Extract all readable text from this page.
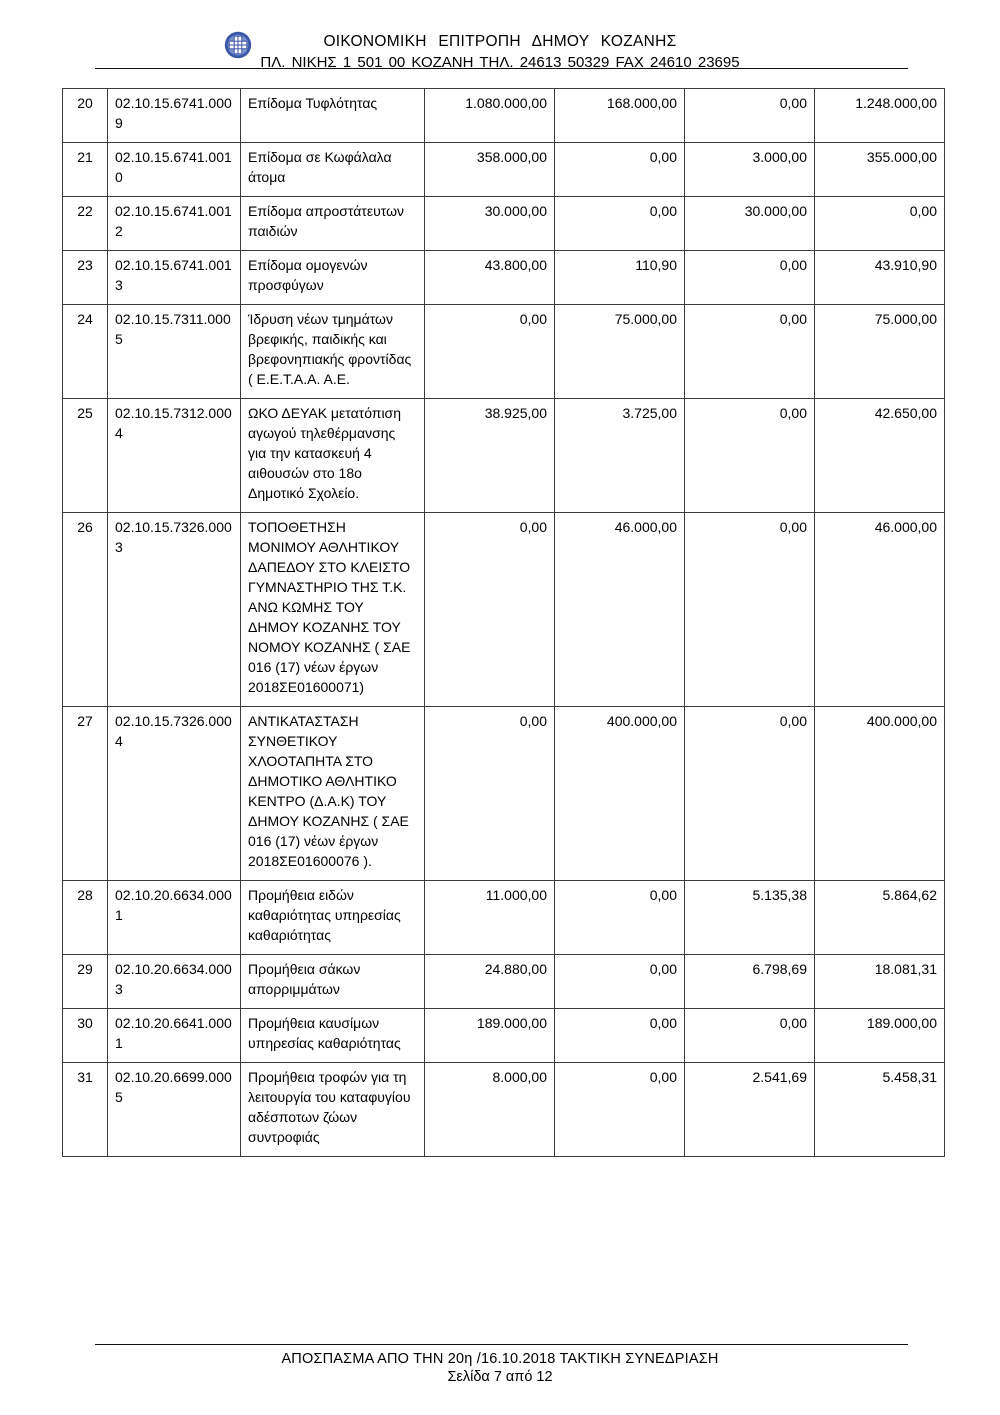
ΟΙΚΟΝΟΜΙΚΗ ΕΠΙΤΡΟΠΗ ΔΗΜΟΥ ΚΟΖΑΝΗΣ
ΠΛ. ΝΙΚΗΣ 1 501 00 ΚΟΖΑΝΗ ΤΗΛ. 24613 50329 FAX 24610 23695
20	02.10.15.6741.0009	Επίδομα Τυφλότητας	1.080.000,00	168.000,00	0,00	1.248.000,00
21	02.10.15.6741.0010	Επίδομα σε Κωφάλαλα άτομα	358.000,00	0,00	3.000,00	355.000,00
22	02.10.15.6741.0012	Επίδομα απροστάτευτων παιδιών	30.000,00	0,00	30.000,00	0,00
23	02.10.15.6741.0013	Επίδομα ομογενών προσφύγων	43.800,00	110,90	0,00	43.910,90
24	02.10.15.7311.0005	Ίδρυση νέων τμημάτων βρεφικής, παιδικής και βρεφονηπιακής φροντίδας ( Ε.Ε.Τ.Α.Α. Α.Ε.	0,00	75.000,00	0,00	75.000,00
25	02.10.15.7312.0004	ΩΚΟ ΔΕΥΑΚ μετατόπιση αγωγού τηλεθέρμανσης για την κατασκευή 4 αιθουσών στο 18ο Δημοτικό Σχολείο.	38.925,00	3.725,00	0,00	42.650,00
26	02.10.15.7326.0003	ΤΟΠΟΘΕΤΗΣΗ ΜΟΝΙΜΟΥ ΑΘΛΗΤΙΚΟΥ ΔΑΠΕΔΟΥ ΣΤΟ ΚΛΕΙΣΤΟ ΓΥΜΝΑΣΤΗΡΙΟ ΤΗΣ Τ.Κ. ΑΝΩ ΚΩΜΗΣ ΤΟΥ ΔΗΜΟΥ ΚΟΖΑΝΗΣ ΤΟΥ ΝΟΜΟΥ ΚΟΖΑΝΗΣ ( ΣΑΕ 016 (17) νέων έργων 2018ΣΕ01600071)	0,00	46.000,00	0,00	46.000,00
27	02.10.15.7326.0004	ΑΝΤΙΚΑΤΑΣΤΑΣΗ ΣΥΝΘΕΤΙΚΟΥ ΧΛΟΟΤΑΠΗΤΑ ΣΤΟ ΔΗΜΟΤΙΚΟ ΑΘΛΗΤΙΚΟ ΚΕΝΤΡΟ (Δ.Α.Κ) ΤΟΥ ΔΗΜΟΥ ΚΟΖΑΝΗΣ ( ΣΑΕ 016 (17) νέων έργων 2018ΣΕ01600076 ).	0,00	400.000,00	0,00	400.000,00
28	02.10.20.6634.0001	Προμήθεια ειδών καθαριότητας υπηρεσίας καθαριότητας	11.000,00	0,00	5.135,38	5.864,62
29	02.10.20.6634.0003	Προμήθεια σάκων απορριμμάτων	24.880,00	0,00	6.798,69	18.081,31
30	02.10.20.6641.0001	Προμήθεια καυσίμων υπηρεσίας καθαριότητας	189.000,00	0,00	0,00	189.000,00
31	02.10.20.6699.0005	Προμήθεια τροφών για τη λειτουργία του καταφυγίου αδέσποτων ζώων συντροφιάς	8.000,00	0,00	2.541,69	5.458,31
ΑΠΟΣΠΑΣΜΑ ΑΠΟ ΤΗΝ 20η /16.10.2018 ΤΑΚΤΙΚΗ ΣΥΝΕΔΡΙΑΣΗ
Σελίδα 7 από 12
